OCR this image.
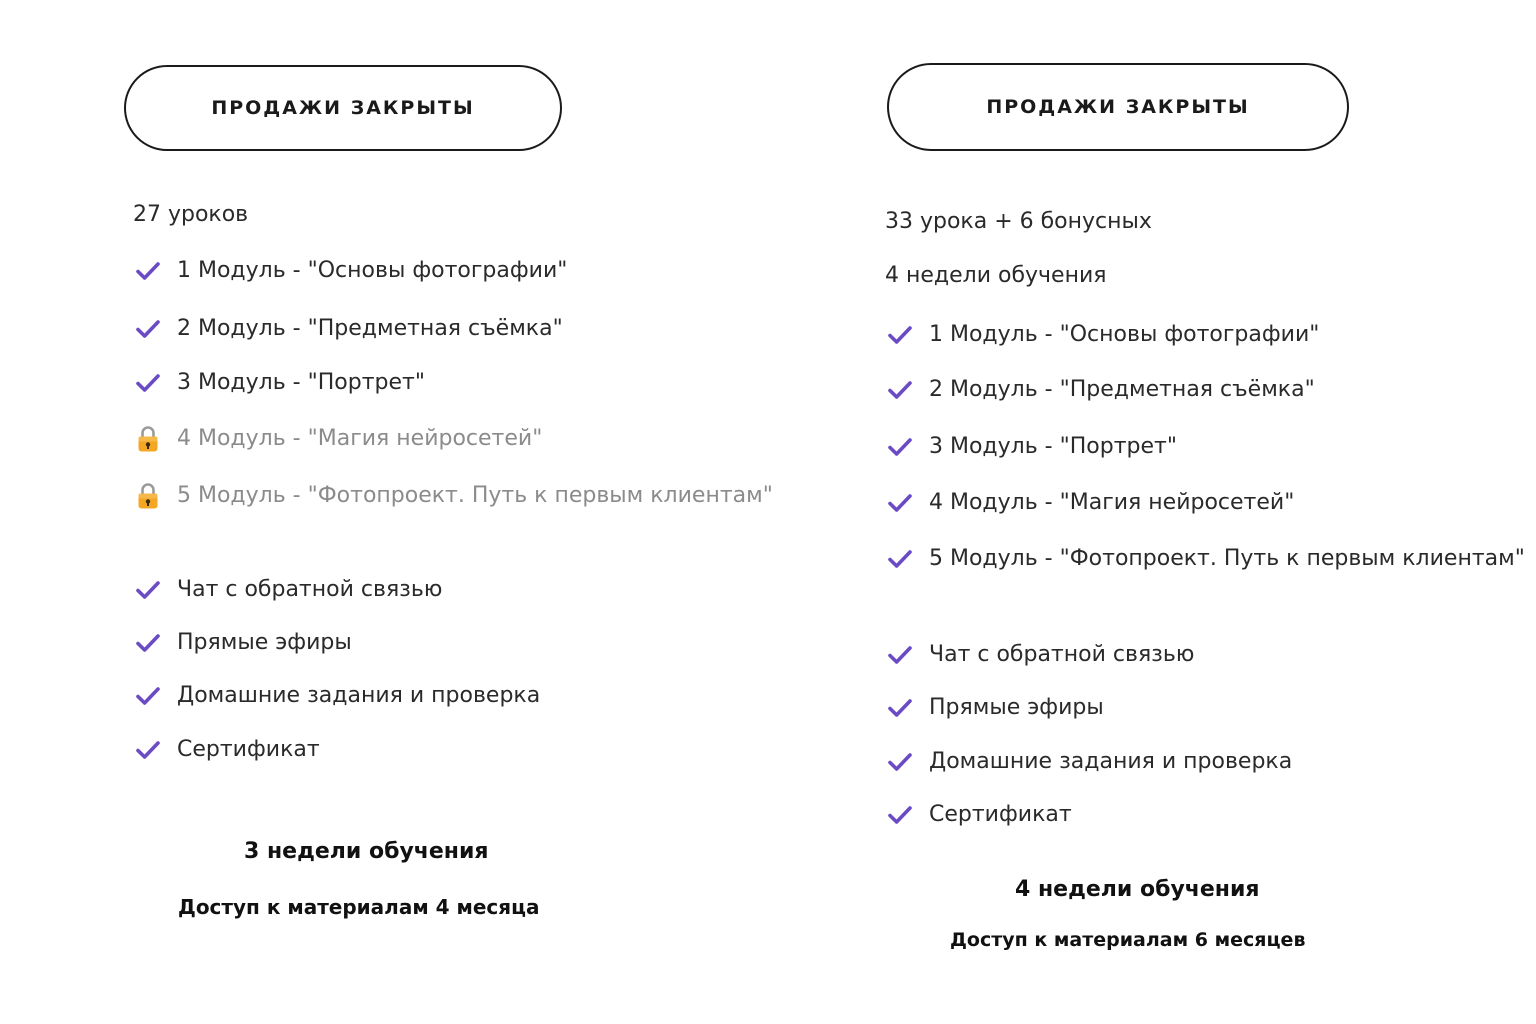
ПРОДАЖИ ЗАКРЫТЫ
27 уроков
1 Модуль - "Основы фотографии"
2 Модуль - "Предметная съёмка"
3 Модуль - "Портрет"
4 Модуль - "Магия нейросетей"
5 Модуль - "Фотопроект. Путь к первым клиентам"
Чат с обратной связью
Прямые эфиры
Домашние задания и проверка
Сертификат
3 недели обучения
Доступ к материалам 4 месяца
ПРОДАЖИ ЗАКРЫТЫ
33 урока + 6 бонусных
4 недели обучения
1 Модуль - "Основы фотографии"
2 Модуль - "Предметная съёмка"
3 Модуль - "Портрет"
4 Модуль - "Магия нейросетей"
5 Модуль - "Фотопроект. Путь к первым клиентам"
Чат с обратной связью
Прямые эфиры
Домашние задания и проверка
Сертификат
4 недели обучения
Доступ к материалам 6 месяцев
